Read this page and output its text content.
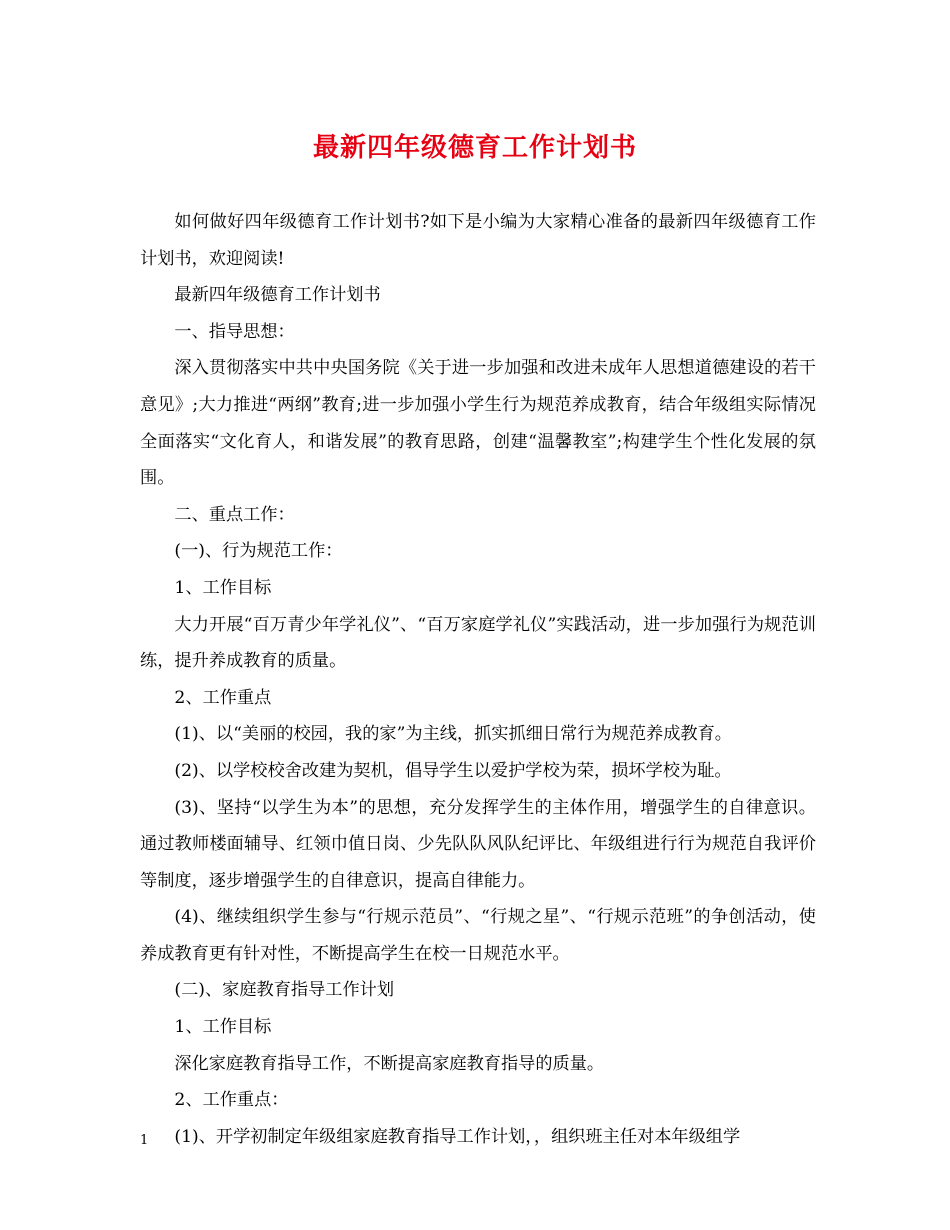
最新四年级德育工作计划书

如何做好四年级德育工作计划书?如下是小编为大家精心准备的最新四年级德育工作计划书，欢迎阅读!

最新四年级德育工作计划书

一、指导思想：

深入贯彻落实中共中央国务院《关于进一步加强和改进未成年人思想道德建设的若干意见》;大力推进“两纲”教育;进一步加强小学生行为规范养成教育，结合年级组实际情况全面落实“文化育人，和谐发展”的教育思路，创建“温馨教室”;构建学生个性化发展的氛围。

二、重点工作：

(一)、行为规范工作：

1、工作目标

大力开展“百万青少年学礼仪”、“百万家庭学礼仪”实践活动，进一步加强行为规范训练，提升养成教育的质量。

2、工作重点

(1)、以“美丽的校园，我的家”为主线，抓实抓细日常行为规范养成教育。

(2)、以学校校舍改建为契机，倡导学生以爱护学校为荣，损坏学校为耻。

(3)、坚持“以学生为本”的思想，充分发挥学生的主体作用，增强学生的自律意识。通过教师楼面辅导、红领巾值日岗、少先队队风队纪评比、年级组进行行为规范自我评价等制度，逐步增强学生的自律意识，提高自律能力。

(4)、继续组织学生参与“行规示范员”、“行规之星”、“行规示范班”的争创活动，使养成教育更有针对性，不断提高学生在校一日规范水平。

(二)、家庭教育指导工作计划

1、工作目标

深化家庭教育指导工作，不断提高家庭教育指导的质量。

2、工作重点：

(1)、开学初制定年级组家庭教育指导工作计划，，组织班主任对本年级组学

1
